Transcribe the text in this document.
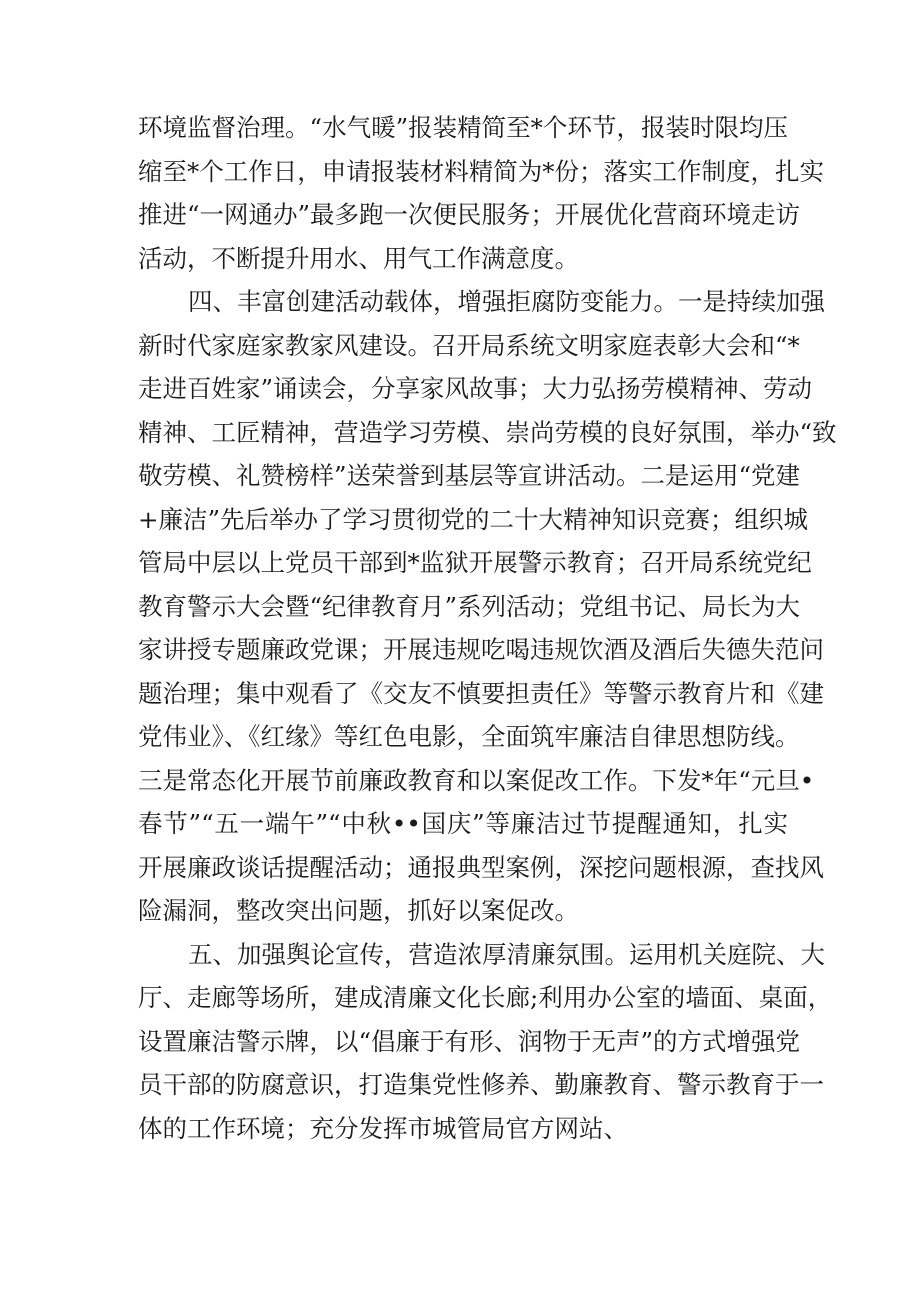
环境监督治理。“水气暖”报装精简至*个环节，报装时限均压
缩至*个工作日，申请报装材料精简为*份；落实工作制度，扎实
推进“一网通办”最多跑一次便民服务；开展优化营商环境走访
活动，不断提升用水、用气工作满意度。
四、丰富创建活动载体，增强拒腐防变能力。一是持续加强
新时代家庭家教家风建设。召开局系统文明家庭表彰大会和“*
走进百姓家”诵读会，分享家风故事；大力弘扬劳模精神、劳动
精神、工匠精神，营造学习劳模、崇尚劳模的良好氛围，举办“致
敬劳模、礼赞榜样”送荣誉到基层等宣讲活动。二是运用“党建
+廉洁”先后举办了学习贯彻党的二十大精神知识竞赛；组织城
管局中层以上党员干部到*监狱开展警示教育；召开局系统党纪
教育警示大会暨“纪律教育月”系列活动；党组书记、局长为大
家讲授专题廉政党课；开展违规吃喝违规饮酒及酒后失德失范问
题治理；集中观看了《交友不慎要担责任》等警示教育片和《建
党伟业》、《红缘》等红色电影，全面筑牢廉洁自律思想防线。
三是常态化开展节前廉政教育和以案促改工作。下发*年“元旦•
春节”“五一端午”“中秋••国庆”等廉洁过节提醒通知，扎实
开展廉政谈话提醒活动；通报典型案例，深挖问题根源，查找风
险漏洞，整改突出问题，抓好以案促改。
五、加强舆论宣传，营造浓厚清廉氛围。运用机关庭院、大
厅、走廊等场所，建成清廉文化长廊;利用办公室的墙面、桌面，
设置廉洁警示牌，以“倡廉于有形、润物于无声”的方式增强党
员干部的防腐意识，打造集党性修养、勤廉教育、警示教育于一
体的工作环境；充分发挥市城管局官方网站、
